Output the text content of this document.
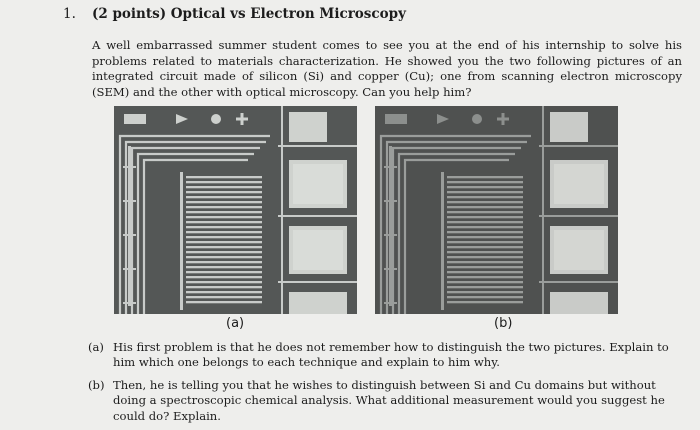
1. (2 points) Optical vs Electron Microscopy
A well embarrassed summer student comes to see you at the end of his internship to solve his problems related to materials characterization. He showed you the two following pictures of an integrated circuit made of silicon (Si) and copper (Cu); one from scanning electron microscopy (SEM) and the other with optical microscopy. Can you help him?
(a)	(b)
(a) His first problem is that he does not remember how to distinguish the two pictures. Explain to him which one belongs to each technique and explain to him why.
(b) Then, he is telling you that he wishes to distinguish between Si and Cu domains but without doing a spectroscopic chemical analysis. What additional measurement would you suggest he could do? Explain.
